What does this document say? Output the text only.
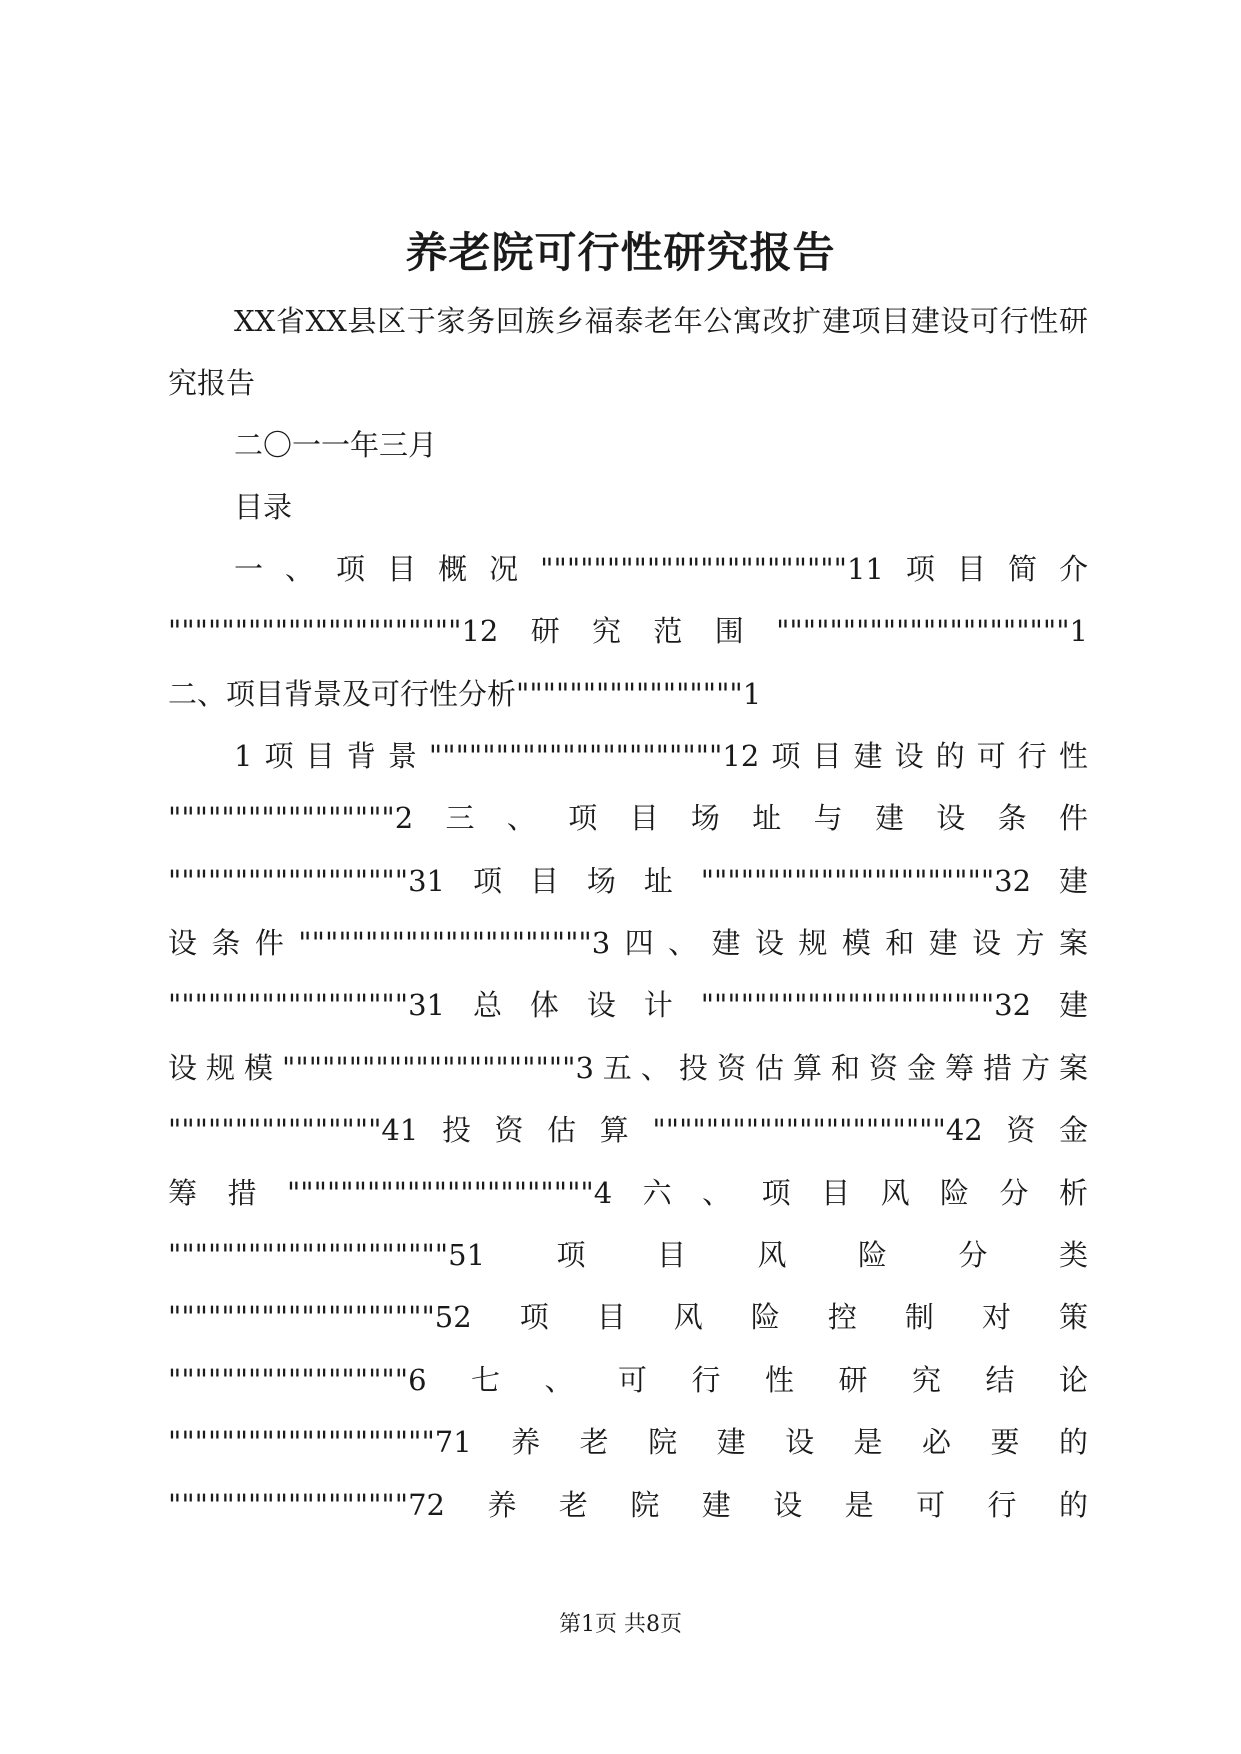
养老院可行性研究报告

XX省XX县区于家务回族乡福泰老年公寓改扩建项目建设可行性研究报告

二〇一一年三月

目录

一、项目概况"""""""""""""""""""""""11项目简介

""""""""""""""""""""""12研究范围""""""""""""""""""""""1

二、项目背景及可行性分析"""""""""""""""""1

1项目背景""""""""""""""""""""""12项目建设的可行性

"""""""""""""""""2三、项目场址与建设条件

""""""""""""""""""31项目场址""""""""""""""""""""""32建

设条件""""""""""""""""""""""3四、建设规模和建设方案

""""""""""""""""""31总体设计""""""""""""""""""""""32建

设规模""""""""""""""""""""""3五、投资估算和资金筹措方案

""""""""""""""""41投资估算""""""""""""""""""""""42资金

筹措"""""""""""""""""""""""4六、项目风险分析

"""""""""""""""""""""51项目风险分类

""""""""""""""""""""52项目风险控制对策

""""""""""""""""""6七、可行性研究结论

""""""""""""""""""""71养老院建设是必要的

""""""""""""""""""72养老院建设是可行的

第1页 共8页
